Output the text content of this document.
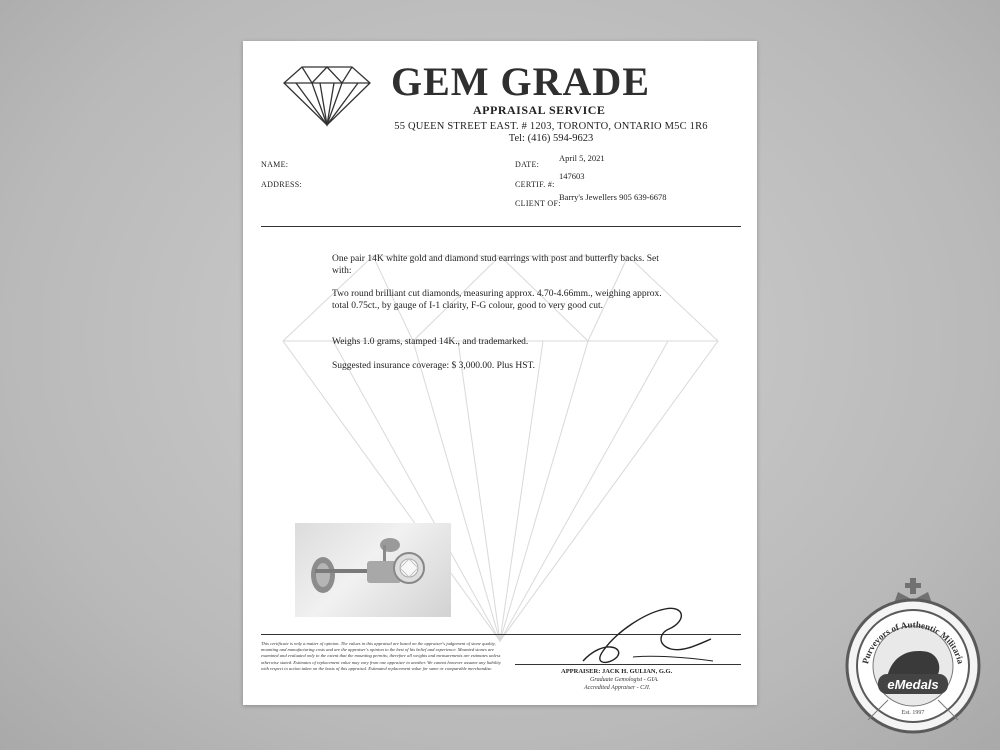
GEM GRADE
APPRAISAL SERVICE
55 QUEEN STREET EAST. # 1203, TORONTO, ONTARIO M5C 1R6
Tel: (416) 594-9623
NAME:
ADDRESS:
DATE:
April 5, 2021
CERTIF. #:
147603
CLIENT OF:
Barry's Jewellers 905 639-6678
One pair 14K white gold and diamond stud earrings with post and butterfly backs. Set with:
Two round brilliant cut diamonds, measuring approx. 4.70-4.66mm., weighing approx. total 0.75ct., by gauge of I-1 clarity, F-G colour, good to very good cut.
Weighs 1.0 grams, stamped 14K., and trademarked.
Suggested insurance coverage: $ 3,000.00. Plus HST.
This certificate is only a matter of opinion. The values in this appraisal are based on the appraiser's judgement of stone quality, mounting and manufacturing costs and are the appraiser's opinion to the best of his belief and experience. Mounted stones are examined and evaluated only to the extent that the mounting permits; therefore all weights and measurements are estimates unless otherwise stated. Estimates of replacement value may vary from one appraiser to another. We cannot however assume any liability with respect to action taken on the basis of this appraisal. Estimated replacement value for same or comparable merchandise.	APPRAISER: JACK H. GULIAN, G.G.
Graduate Gemologist - GIA.
Accredited Appraiser - CJI.
Purveyors of Authentic Militaria
eMedals
Est. 1997
